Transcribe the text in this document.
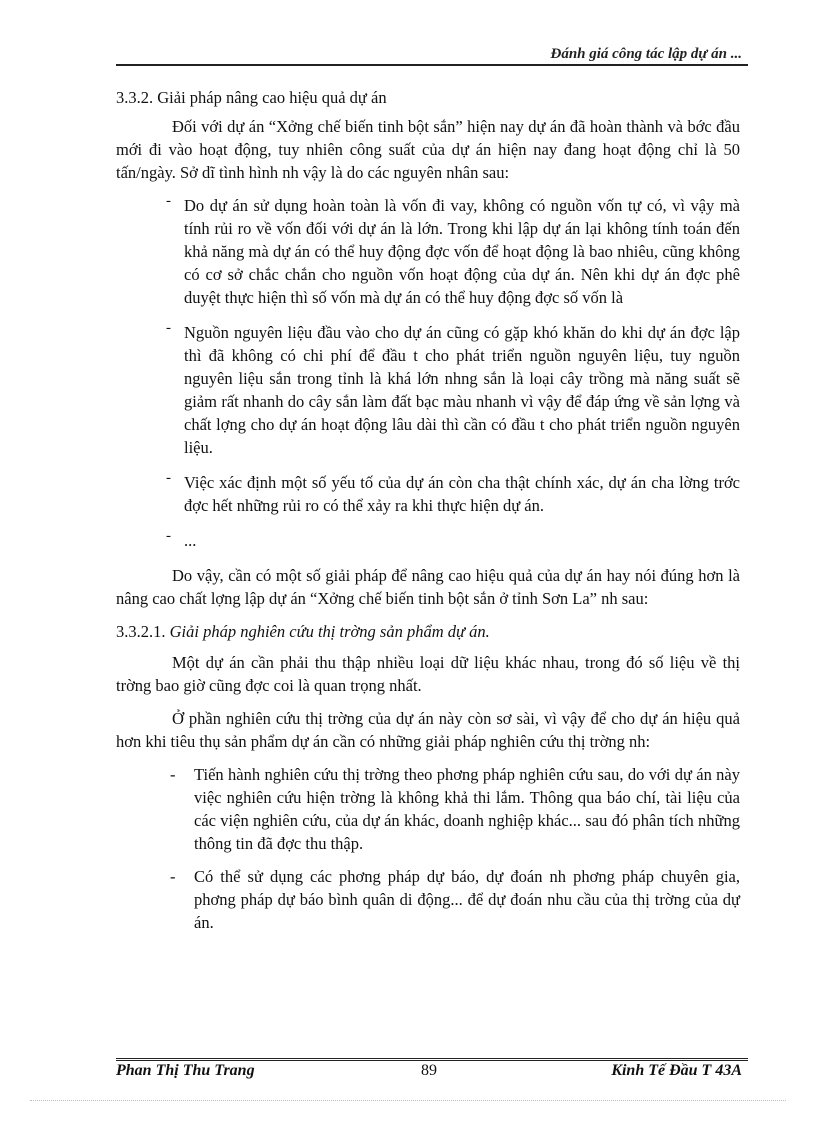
Đánh giá công tác lập dự án ...

3.3.2. Giải pháp nâng cao hiệu quả dự án

Đối với dự án “Xởng chế biến tinh bột sắn” hiện nay dự án đã hoàn thành và bớc đầu mới đi vào hoạt động, tuy nhiên công suất của dự án hiện nay đang hoạt động chỉ là 50 tấn/ngày. Sở dĩ tình hình nh vậy là do các nguyên nhân sau:

- Do dự án sử dụng hoàn toàn là vốn đi vay, không có nguồn vốn tự có, vì vậy mà tính rủi ro về vốn đối với dự án là lớn. Trong khi lập dự án lại không tính toán đến khả năng mà dự án có thể huy động đợc vốn để hoạt động là bao nhiêu, cũng không có cơ sở chắc chắn cho nguồn vốn hoạt động của dự án. Nên khi dự án đợc phê duyệt thực hiện thì số vốn mà dự án có thể huy động đợc số vốn là
- Nguồn nguyên liệu đầu vào cho dự án cũng có gặp khó khăn do khi dự án đợc lập thì đã không có chi phí để đầu t cho phát triển nguồn nguyên liệu, tuy nguồn nguyên liệu sắn trong tỉnh là khá lớn nhng sắn là loại cây trồng mà năng suất sẽ giảm rất nhanh do cây sắn làm đất bạc màu nhanh vì vậy để đáp ứng về sản lợng và chất lợng cho dự án hoạt động lâu dài thì cần có đầu t cho phát triển nguồn nguyên liệu.
- Việc xác định một số yếu tố của dự án còn cha thật chính xác, dự án cha lờng trớc đợc hết những rủi ro có thể xảy ra khi thực hiện dự án.
- ...

Do vậy, cần có một số giải pháp để nâng cao hiệu quả của dự án hay nói đúng hơn là nâng cao chất lợng lập dự án “Xởng chế biến tinh bột sắn ở tỉnh Sơn La” nh sau:

3.3.2.1. Giải pháp nghiên cứu thị trờng sản phẩm dự án.

Một dự án cần phải thu thập nhiều loại dữ liệu khác nhau, trong đó số liệu về thị trờng bao giờ cũng đợc coi là quan trọng nhất.

Ở phần nghiên cứu thị trờng của dự án này còn sơ sài, vì vậy để cho dự án hiệu quả hơn khi tiêu thụ sản phẩm dự án cần có những giải pháp nghiên cứu thị trờng nh:

- Tiến hành nghiên cứu thị trờng theo phơng pháp nghiên cứu sau, do với dự án này việc nghiên cứu hiện trờng là không khả thi lắm. Thông qua báo chí, tài liệu của các viện nghiên cứu, của dự án khác, doanh nghiệp khác... sau đó phân tích những thông tin đã đợc thu thập.
- Có thể sử dụng các phơng pháp dự báo, dự đoán nh phơng pháp chuyên gia, phơng pháp dự báo bình quân di động... để dự đoán nhu cầu của thị trờng của dự án.
Phan Thị Thu Trang	89	Kinh Tế Đầu T 43A
